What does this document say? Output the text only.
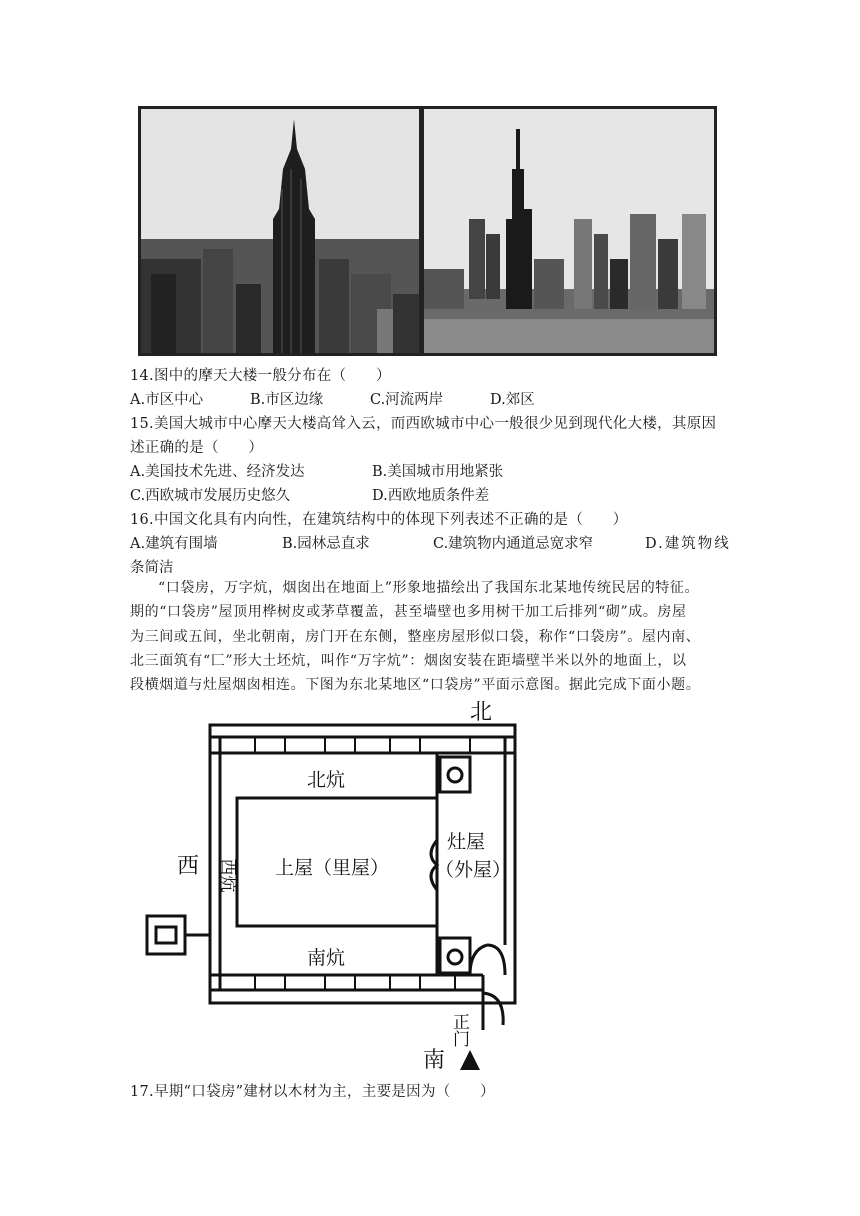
14.图中的摩天大楼一般分布在（　　）
A.市区中心	B.市区边缘	C.河流两岸	D.郊区
15.美国大城市中心摩天大楼高耸入云，而西欧城市中心一般很少见到现代化大楼，其原因
述正确的是（　　）
A.美国技术先进、经济发达	B.美国城市用地紧张
C.西欧城市发展历史悠久	D.西欧地质条件差
16.中国文化具有内向性，在建筑结构中的体现下列表述不正确的是（　　）
A.建筑有围墙	B.园林忌直求	C.建筑物内通道忌宽求窄	D.建筑物线
条简洁
“口袋房，万字炕，烟囱出在地面上”形象地描绘出了我国东北某地传统民居的特征。
期的“口袋房”屋顶用桦树皮或茅草覆盖，甚至墙壁也多用树干加工后排列“砌”成。房屋
为三间或五间，坐北朝南，房门开在东侧，整座房屋形似口袋，称作“口袋房”。屋内南、
北三面筑有“匚”形大土坯炕，叫作“万字炕”：烟囱安装在距墙壁半米以外的地面上，以
段横烟道与灶屋烟囱相连。下图为东北某地区“口袋房”平面示意图。据此完成下面小题。
北
西
南
北炕
南炕
西炕 上屋（里屋）
灶屋
（外屋）
正门
17.早期“口袋房”建材以木材为主，主要是因为（　　）
